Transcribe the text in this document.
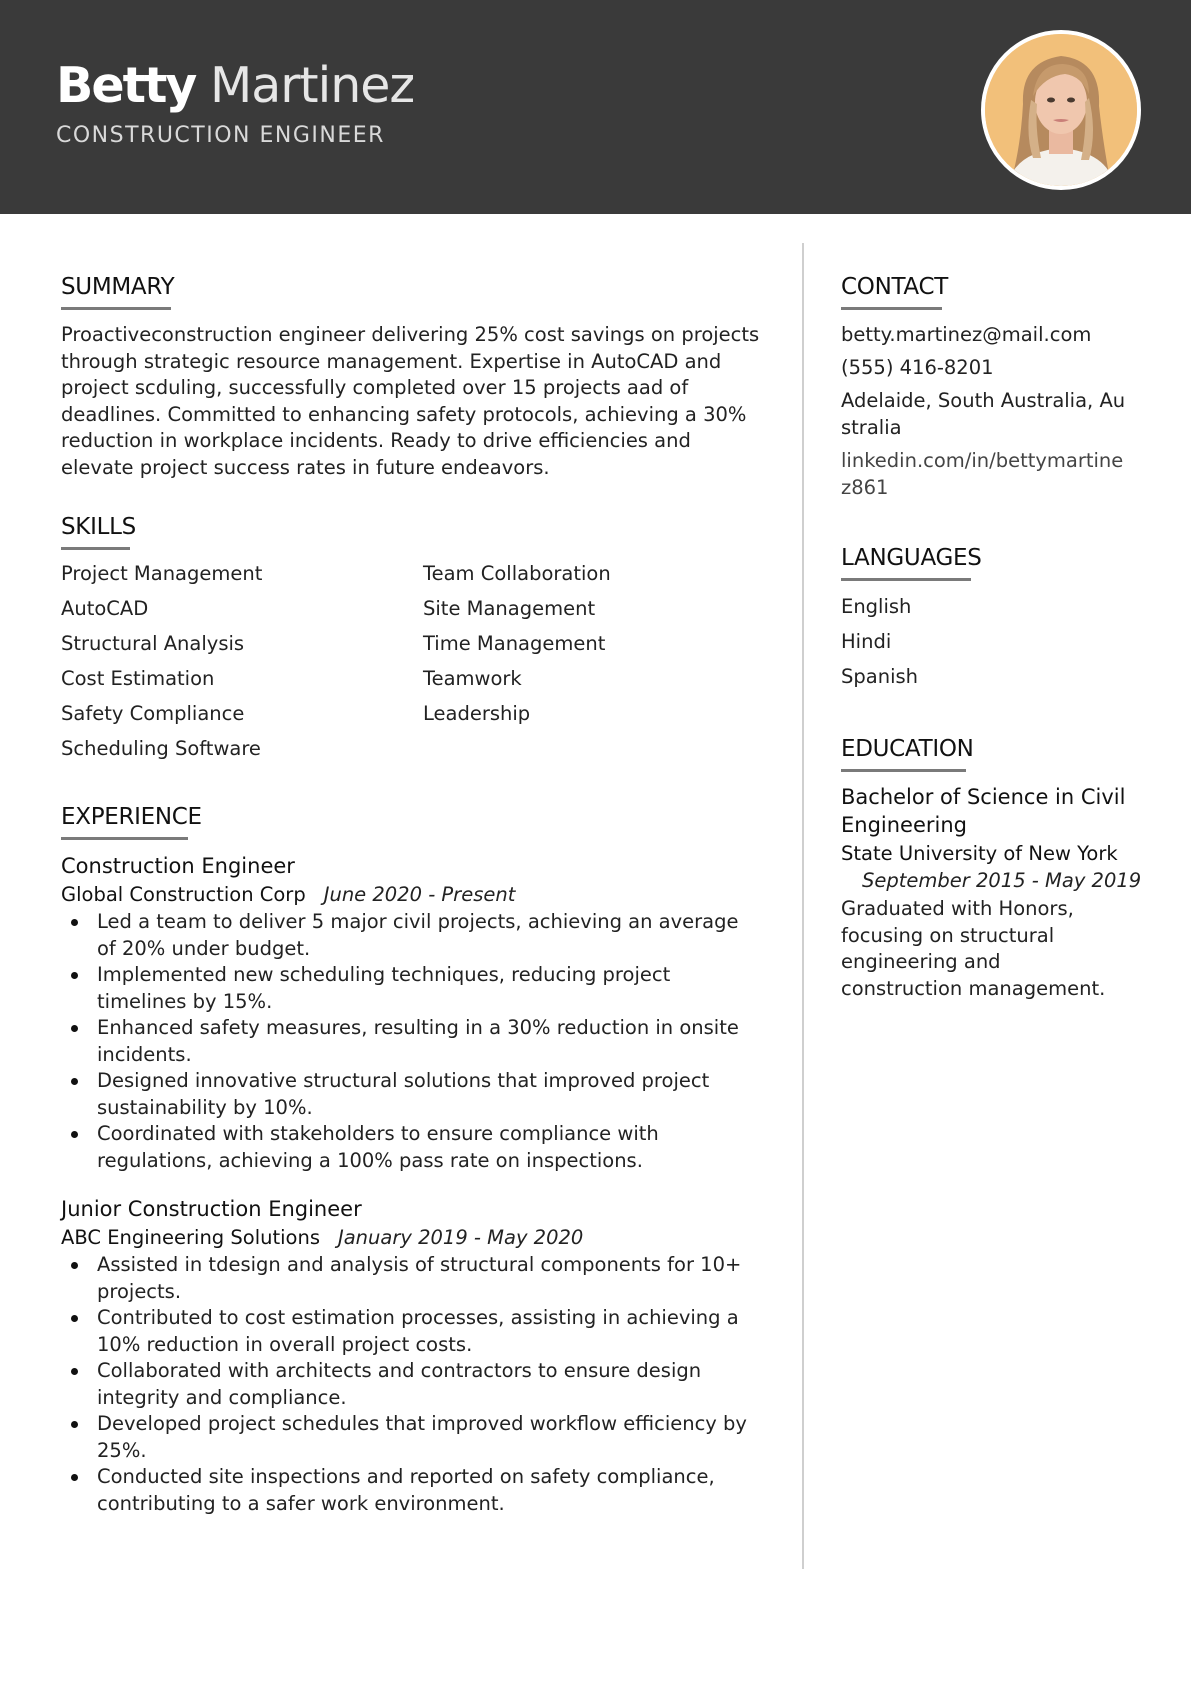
Betty Martinez
CONSTRUCTION ENGINEER
SUMMARY
Proactiveconstruction engineer delivering 25% cost savings on projects through strategic resource management. Expertise in AutoCAD and project scduling, successfully completed over 15 projects aad of deadlines. Committed to enhancing safety protocols, achieving a 30% reduction in workplace incidents. Ready to drive efficiencies and elevate project success rates in future endeavors.
SKILLS
Project Management
AutoCAD
Structural Analysis
Cost Estimation
Safety Compliance
Scheduling Software
Team Collaboration
Site Management
Time Management
Teamwork
Leadership
EXPERIENCE
Construction Engineer
Global Construction Corp June 2020 - Present
Led a team to deliver 5 major civil projects, achieving an average of 20% under budget.
Implemented new scheduling techniques, reducing project timelines by 15%.
Enhanced safety measures, resulting in a 30% reduction in onsite incidents.
Designed innovative structural solutions that improved project sustainability by 10%.
Coordinated with stakeholders to ensure compliance with regulations, achieving a 100% pass rate on inspections.
Junior Construction Engineer
ABC Engineering Solutions January 2019 - May 2020
Assisted in tdesign and analysis of structural components for 10+ projects.
Contributed to cost estimation processes, assisting in achieving a 10% reduction in overall project costs.
Collaborated with architects and contractors to ensure design integrity and compliance.
Developed project schedules that improved workflow efficiency by 25%.
Conducted site inspections and reported on safety compliance, contributing to a safer work environment.
CONTACT
betty.martinez@mail.com
(555) 416-8201
Adelaide, South Australia, Australia
linkedin.com/in/bettymartinez861
LANGUAGES
English
Hindi
Spanish
EDUCATION
Bachelor of Science in Civil Engineering
State University of New York
September 2015 - May 2019
Graduated with Honors, focusing on structural engineering and construction management.
